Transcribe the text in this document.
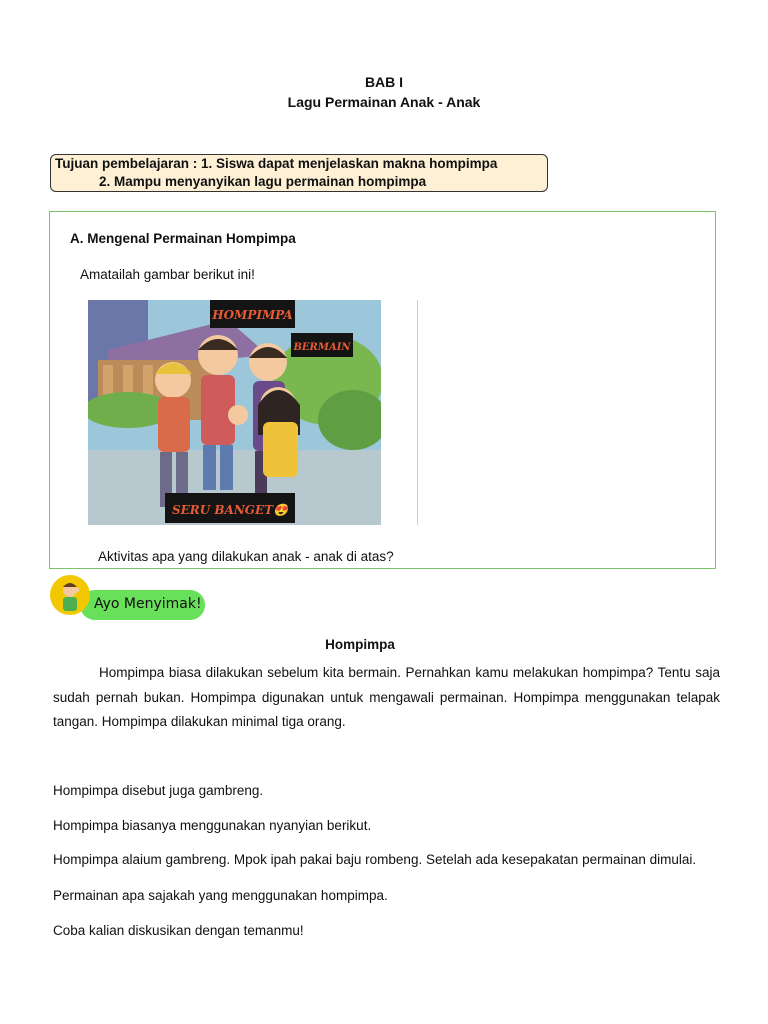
BAB I
Lagu Permainan Anak - Anak
Tujuan pembelajaran : 1. Siswa dapat menjelaskan makna hompimpa
2. Mampu menyanyikan lagu permainan hompimpa
A. Mengenal Permainan Hompimpa
Amatailah gambar berikut ini!
HOMPIMPA
BERMAIN
SERU BANGET😍
Aktivitas apa yang dilakukan anak - anak di atas?
Ayo Menyimak!
Hompimpa
Hompimpa biasa dilakukan sebelum kita bermain. Pernahkan kamu melakukan hompimpa? Tentu saja sudah pernah bukan. Hompimpa digunakan untuk mengawali permainan. Hompimpa menggunakan telapak tangan. Hompimpa dilakukan minimal tiga orang.
Hompimpa disebut juga gambreng.
Hompimpa biasanya menggunakan nyanyian berikut.
Hompimpa alaium gambreng. Mpok ipah pakai baju rombeng. Setelah ada kesepakatan permainan dimulai.
Permainan apa sajakah yang menggunakan hompimpa.
Coba kalian diskusikan dengan temanmu!
